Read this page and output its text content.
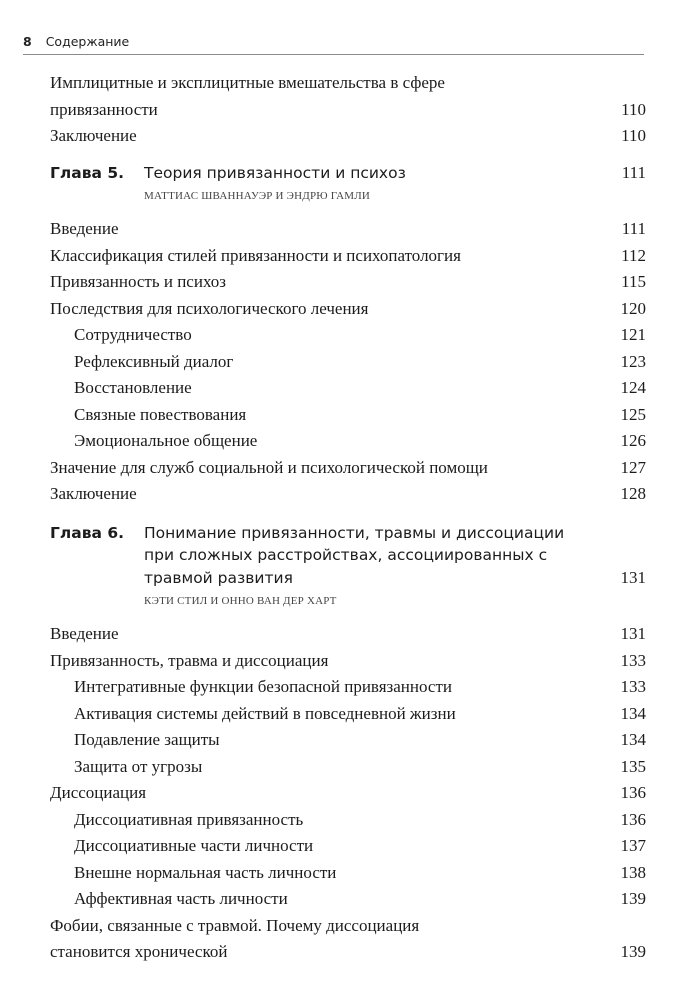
8 Содержание
Имплицитные и эксплицитные вмешательства в сфере привязанности	110
Заключение	110
Глава 5. Теория привязанности и психоз	111
МАТТИАС ШВАННАУЭР И ЭНДРЮ ГАМЛИ
Введение	111
Классификация стилей привязанности и психопатология	112
Привязанность и психоз	115
Последствия для психологического лечения	120
Сотрудничество	121
Рефлексивный диалог	123
Восстановление	124
Связные повествования	125
Эмоциональное общение	126
Значение для служб социальной и психологической помощи	127
Заключение	128
Глава 6. Понимание привязанности, травмы и диссоциации при сложных расстройствах, ассоциированных с травмой развития	131
КЭТИ СТИЛ И ОННО ВАН ДЕР ХАРТ
Введение	131
Привязанность, травма и диссоциация	133
Интегративные функции безопасной привязанности	133
Активация системы действий в повседневной жизни	134
Подавление защиты	134
Защита от угрозы	135
Диссоциация	136
Диссоциативная привязанность	136
Диссоциативные части личности	137
Внешне нормальная часть личности	138
Аффективная часть личности	139
Фобии, связанные с травмой. Почему диссоциация становится хронической	139
